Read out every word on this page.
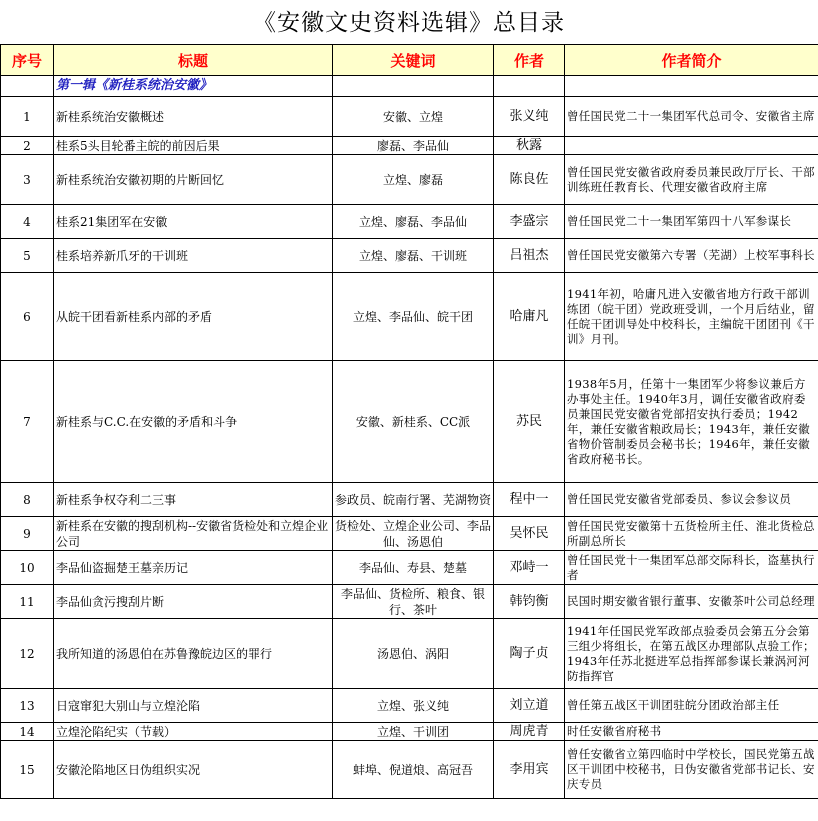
《安徽文史资料选辑》总目录
序号	标题	关键词	作者	作者简介
	第一辑《新桂系统治安徽》			
1	新桂系统治安徽概述	安徽、立煌	张义纯	曾任国民党二十一集团军代总司令、安徽省主席
2	桂系5头目轮番主皖的前因后果	廖磊、李品仙	秋露	
3	新桂系统治安徽初期的片断回忆	立煌、廖磊	陈良佐	曾任国民党安徽省政府委员兼民政厅厅长、干部训练班任教育长、代理安徽省政府主席
4	桂系21集团军在安徽	立煌、廖磊、李品仙	李盛宗	曾任国民党二十一集团军第四十八军参谋长
5	桂系培养新爪牙的干训班	立煌、廖磊、干训班	吕祖杰	曾任国民党安徽第六专署（芜湖）上校军事科长
6	从皖干团看新桂系内部的矛盾	立煌、李品仙、皖干团	哈庸凡	1941年初，哈庸凡进入安徽省地方行政干部训练团（皖干团）党政班受训，一个月后结业，留任皖干团训导处中校科长，主编皖干团团刊《干训》月刊。
7	新桂系与C.C.在安徽的矛盾和斗争	安徽、新桂系、CC派	苏民	1938年5月，任第十一集团军少将参议兼后方办事处主任。1940年3月，调任安徽省政府委员兼国民党安徽省党部招安执行委员；1942年，兼任安徽省粮政局长；1943年，兼任安徽省物价管制委员会秘书长；1946年，兼任安徽省政府秘书长。
8	新桂系争权夺利二三事	参政员、皖南行署、芜湖物资	程中一	曾任国民党安徽省党部委员、参议会参议员
9	新桂系在安徽的搜刮机构--安徽省货检处和立煌企业公司	货检处、立煌企业公司、李品仙、汤恩伯	吴怀民	曾任国民党安徽第十五货检所主任、淮北货检总所副总所长
10	李品仙盗掘楚王墓亲历记	李品仙、寿县、楚墓	邓峙一	曾任国民党十一集团军总部交际科长，盗墓执行者
11	李品仙贪污搜刮片断	李品仙、货检所、粮食、银行、茶叶	韩钧衡	民国时期安徽省银行董事、安徽茶叶公司总经理
12	我所知道的汤恩伯在苏鲁豫皖边区的罪行	汤恩伯、涡阳	陶子贞	1941年任国民党军政部点验委员会第五分会第三组少将组长，在第五战区办理部队点验工作；1943年任苏北挺进军总指挥部参谋长兼涡河河防指挥官
13	日寇窜犯大别山与立煌沦陷	立煌、张义纯	刘立道	曾任第五战区干训团驻皖分团政治部主任
14	立煌沦陷纪实（节载）	立煌、干训团	周虎青	时任安徽省府秘书
15	安徽沦陷地区日伪组织实况	蚌埠、倪道烺、高冠吾	李用宾	曾任安徽省立第四临时中学校长，国民党第五战区干训团中校秘书，日伪安徽省党部书记长、安庆专员
